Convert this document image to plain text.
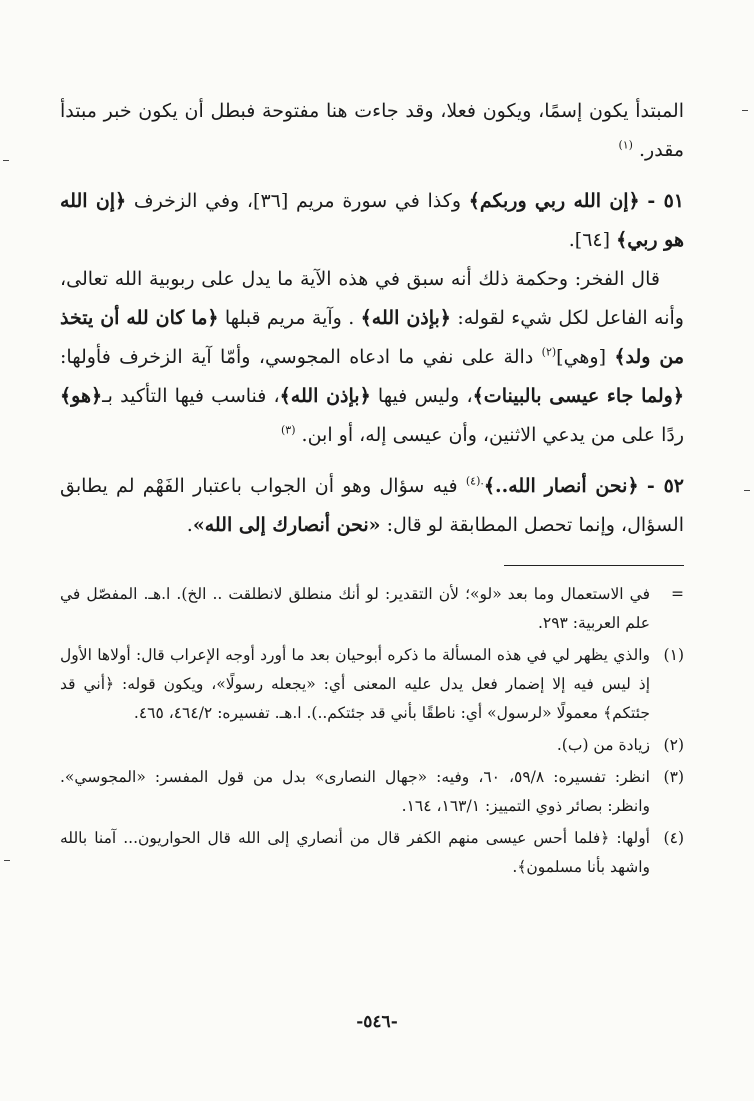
المبتدأ يكون إسمًا، ويكون فعلا، وقد جاءت هنا مفتوحة فبطل أن يكون خبر مبتدأ مقدر. $^{(١)}$

٥١ - ﴿إن الله ربي وربكم﴾ وكذا في سورة مريم [٣٦]، وفي الزخرف ﴿إن الله هو ربي﴾ [٦٤].

قال الفخر: وحكمة ذلك أنه سبق في هذه الآية ما يدل على ربوبية الله تعالى، وأنه الفاعل لكل شيء لقوله: ﴿بإذن الله﴾ . وآية مريم قبلها ﴿ما كان لله أن يتخذ من ولد﴾ [وهي]$^{(٢)}$ دالة على نفي ما ادعاه المجوسي، وأمّا آية الزخرف فأولها: ﴿ولما جاء عيسى بالبينات﴾، وليس فيها ﴿بإذن الله﴾، فناسب فيها التأكيد بـ﴿هو﴾ ردًا على من يدعي الاثنين، وأن عيسى إله، أو ابن. $^{(٣)}$

٥٢ - ﴿نحن أنصار الله..﴾$^{.(٤)}$ فيه سؤال وهو أن الجواب باعتبار الفَهْم لم يطابق السؤال، وإنما تحصل المطابقة لو قال: «نحن أنصارك إلى الله».

=
في الاستعمال وما بعد «لو»؛ لأن التقدير: لو أنك منطلق لانطلقت .. الخ). ا.هـ. المفصّل في علم العربية: ٢٩٣.
(١)
والذي يظهر لي في هذه المسألة ما ذكره أبوحيان بعد ما أورد أوجه الإعراب قال: أولاها الأول إذ ليس فيه إلا إضمار فعل يدل عليه المعنى أي: «يجعله رسولًا»، ويكون قوله: ﴿أني قد جئتكم﴾ معمولًا «لرسول» أي: ناطقًا بأني قد جئتكم..). ا.هـ. تفسيره: ٤٦٤/٢، ٤٦٥.
(٢)
زيادة من (ب).
(٣)
انظر: تفسيره: ٥٩/٨، ٦٠، وفيه: «جهال النصارى» بدل من قول المفسر: «المجوسي». وانظر: بصائر ذوي التمييز: ١٦٣/١، ١٦٤.
(٤)
أولها: ﴿فلما أحس عيسى منهم الكفر قال من أنصاري إلى الله قال الحواريون... آمنا بالله واشهد بأنا مسلمون﴾.
-٥٤٦-
